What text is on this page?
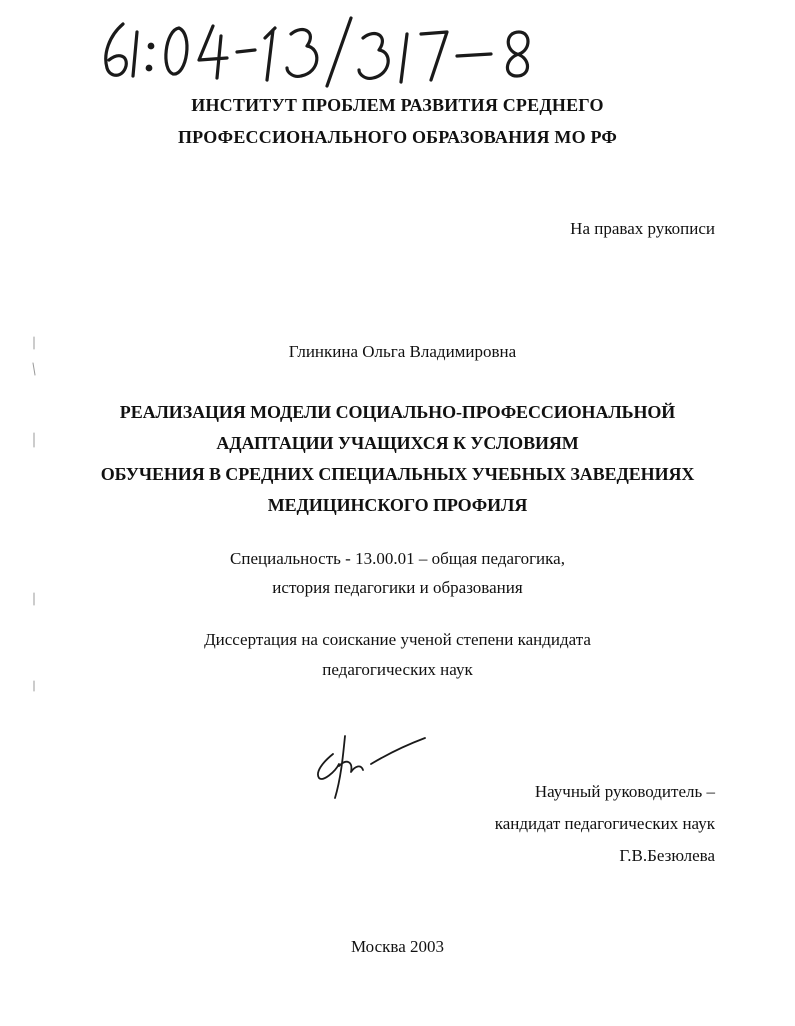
ИНСТИТУТ ПРОБЛЕМ РАЗВИТИЯ СРЕДНЕГО
ПРОФЕССИОНАЛЬНОГО ОБРАЗОВАНИЯ МО РФ
На правах рукописи
Глинкина Ольга Владимировна
РЕАЛИЗАЦИЯ МОДЕЛИ СОЦИАЛЬНО-ПРОФЕССИОНАЛЬНОЙ
АДАПТАЦИИ УЧАЩИХСЯ К УСЛОВИЯМ
ОБУЧЕНИЯ В СРЕДНИХ СПЕЦИАЛЬНЫХ УЧЕБНЫХ ЗАВЕДЕНИЯХ
МЕДИЦИНСКОГО ПРОФИЛЯ
Специальность - 13.00.01 – общая педагогика,
история педагогики и образования
Диссертация на соискание ученой степени кандидата
педагогических наук
Научный руководитель –
кандидат педагогических наук
Г.В.Безюлева
Москва 2003
